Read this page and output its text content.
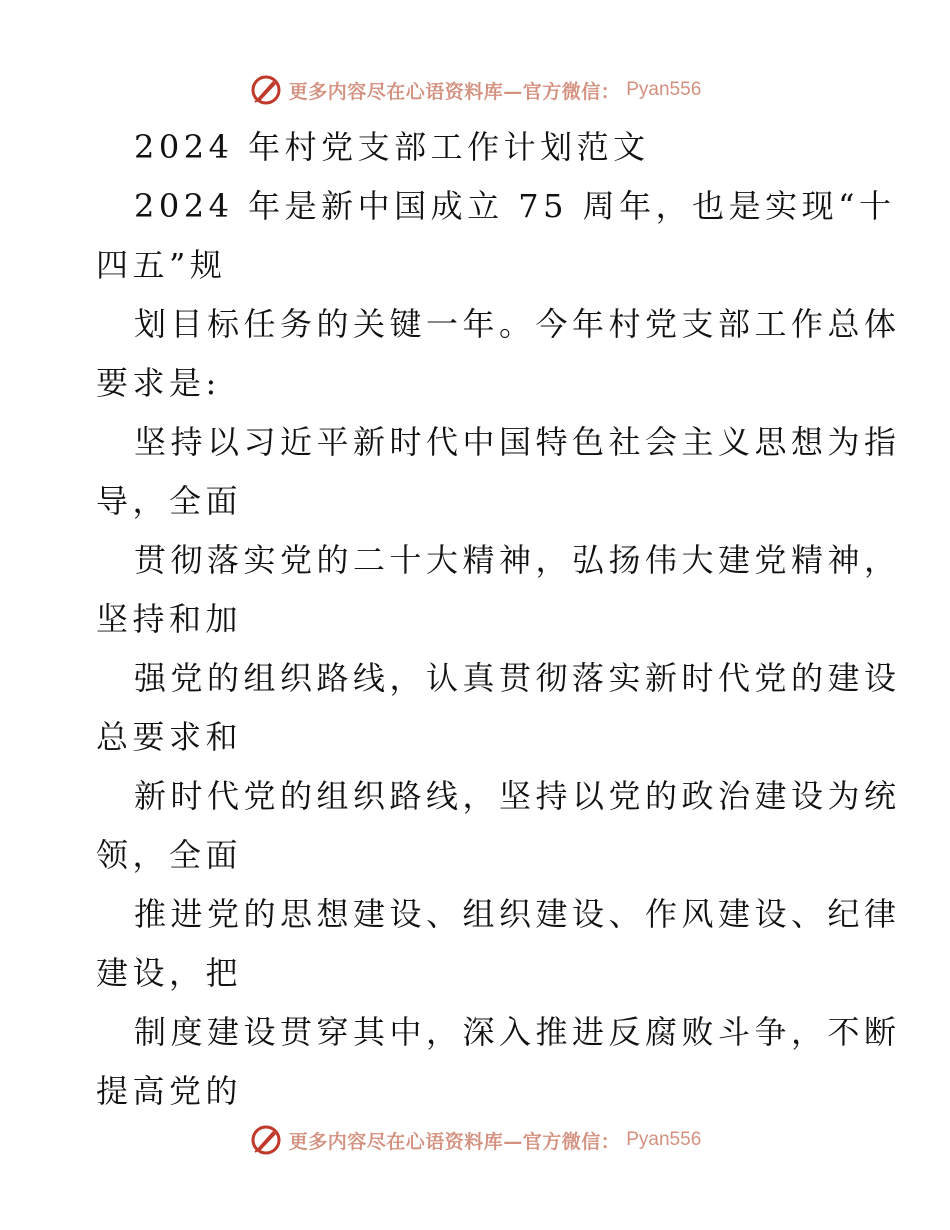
更多内容尽在心语资料库—官方微信： Pyan556
2024 年村党支部工作计划范文
2024 年是新中国成立 75 周年，也是实现“十
四五”规
划目标任务的关键一年。今年村党支部工作总体
要求是:
坚持以习近平新时代中国特色社会主义思想为指
导，全面
贯彻落实党的二十大精神，弘扬伟大建党精神，
坚持和加
强党的组织路线，认真贯彻落实新时代党的建设
总要求和
新时代党的组织路线，坚持以党的政治建设为统
领，全面
推进党的思想建设、组织建设、作风建设、纪律
建设，把
制度建设贯穿其中，深入推进反腐败斗争，不断
提高党的
更多内容尽在心语资料库—官方微信： Pyan556
